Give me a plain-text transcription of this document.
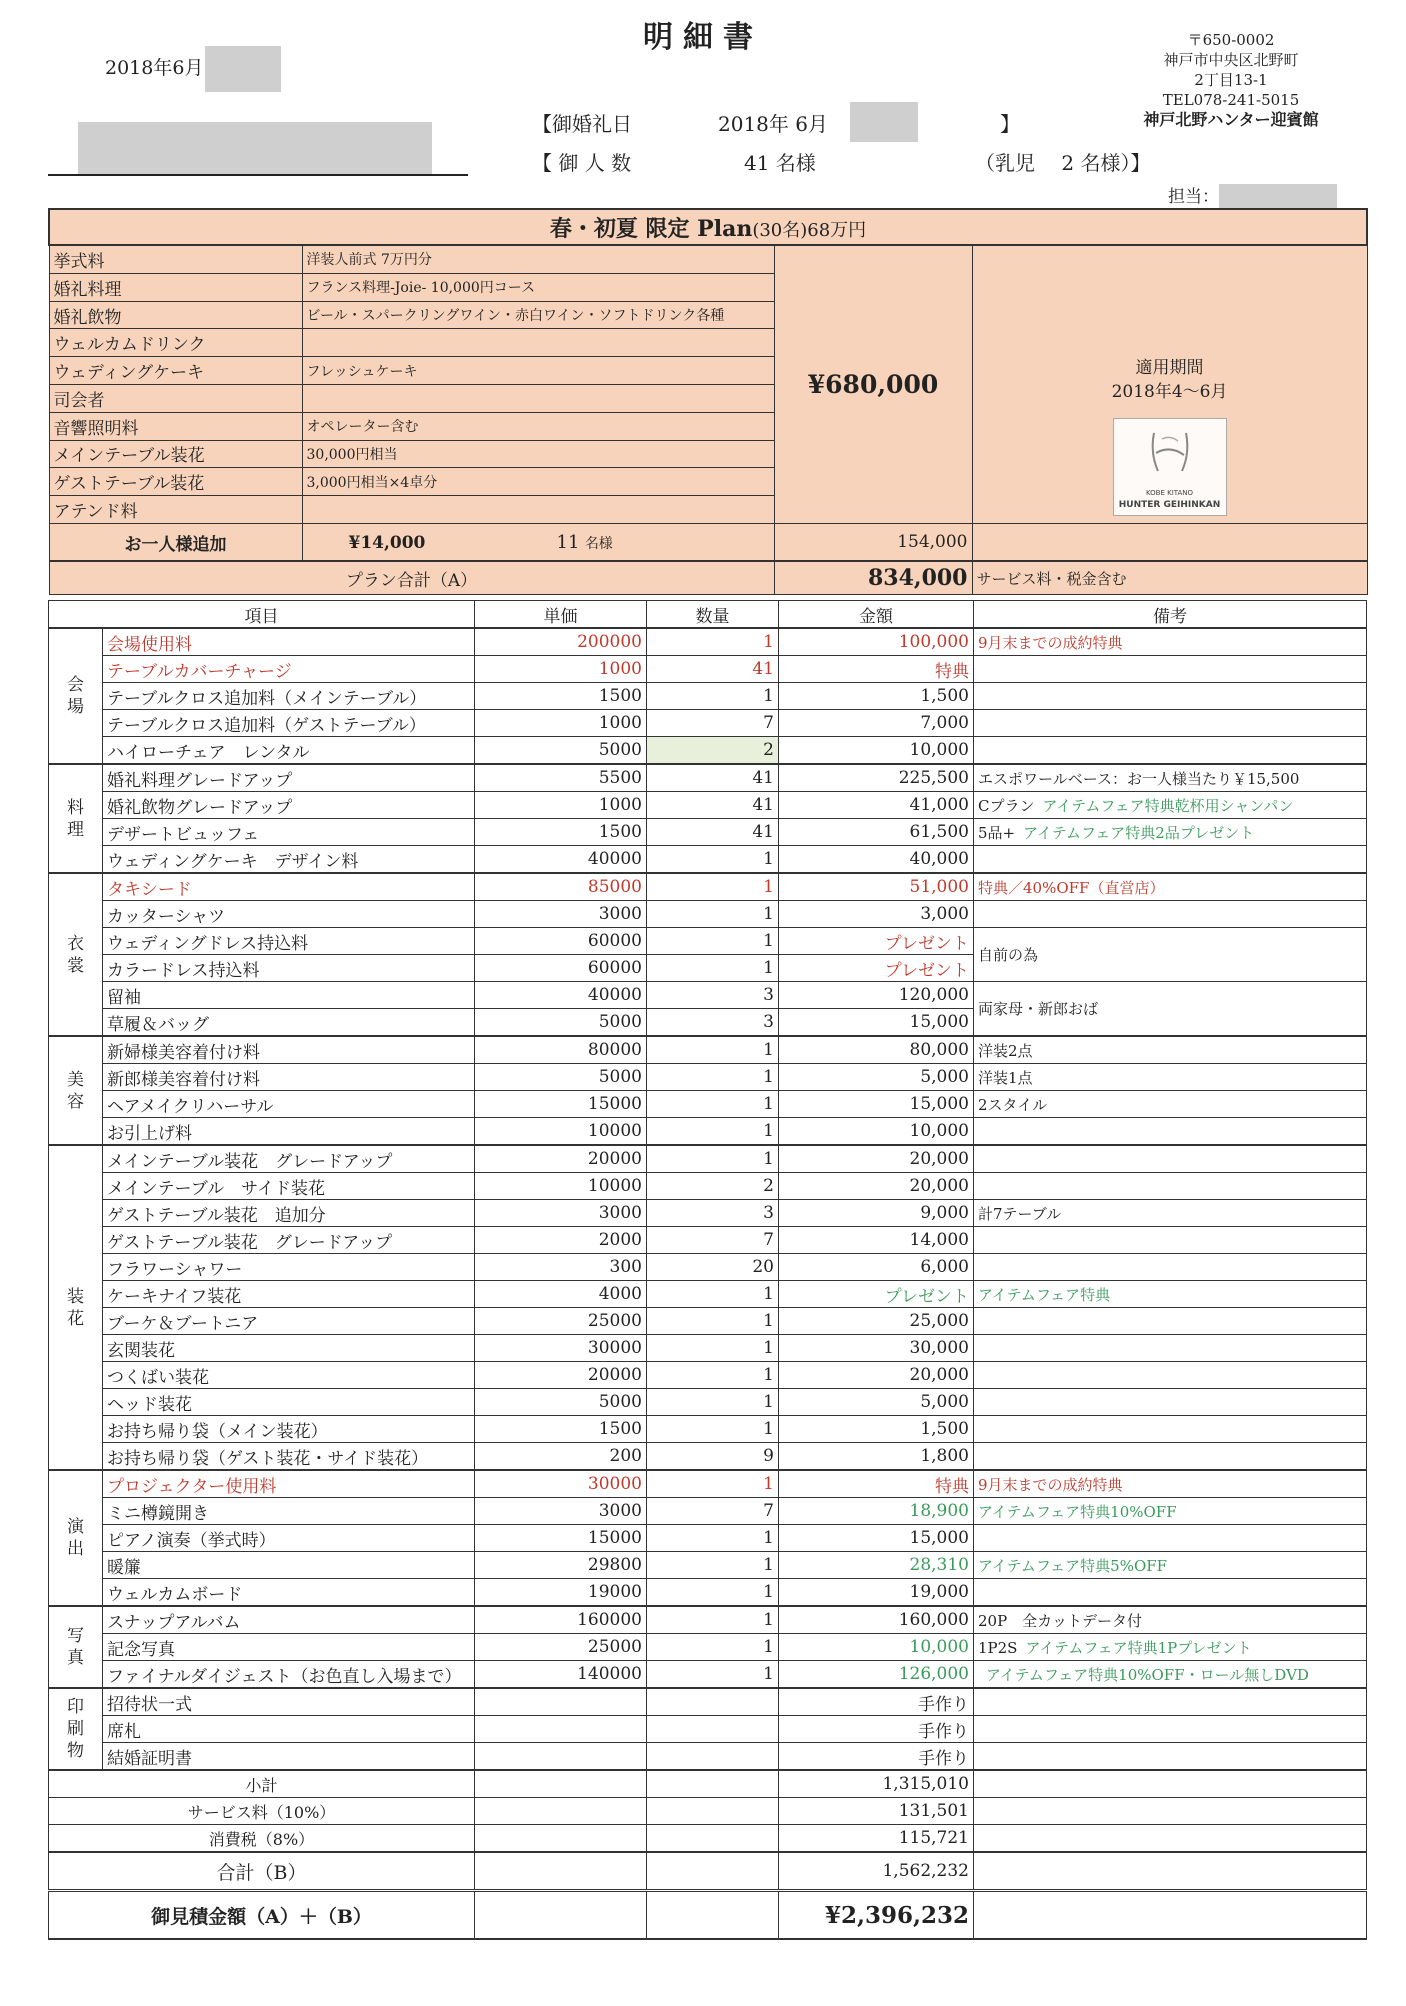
明細書
2018年6月
〒650-0002
神戸市中央区北野町
2丁目13-1
TEL078-241-5015
神戸北野ハンター迎賓館
【御婚礼日	2018年 6月	】
【 御 人 数	41 名様	（乳児　 2 名様）】
担当：
春・初夏 限定 Plan(30名)68万円			
挙式料	洋装人前式 7万円分	¥680,000	適用期間
2018年4～6月
KOBE KITANO
HUNTER GEIHINKAN

婚礼料理	フランス料理-Joie- 10,000円コース		
婚礼飲物	ビール・スパークリングワイン・赤白ワイン・ソフトドリンク各種		
ウェルカムドリンク			
ウェディングケーキ	フレッシュケーキ		
司会者			
音響照明料	オペレーター含む		
メインテーブル装花	30,000円相当		
ゲストテーブル装花	3,000円相当×4卓分		
アテンド料			
お一人様追加	¥14,000 11 名様	154,000	
プラン合計（A）		834,000	サービス料・税金含む
項目		単価	数量	金額	備考
会場	会場使用料	200000	1	100,000	9月末までの成約特典
	テーブルカバーチャージ	1000	41	特典	
	テーブルクロス追加料（メインテーブル）	1500	1	1,500	
	テーブルクロス追加料（ゲストテーブル）	1000	7	7,000	
	ハイローチェア　レンタル	5000	2	10,000	
料理	婚礼料理グレードアップ	5500	41	225,500	エスポワールベース：お一人様当たり￥15,500
	婚礼飲物グレードアップ	1000	41	41,000	Cプラン アイテムフェア特典乾杯用シャンパン
	デザートビュッフェ	1500	41	61,500	5品+ アイテムフェア特典2品プレゼント
	ウェディングケーキ　デザイン料	40000	1	40,000	
衣裳	タキシード	85000	1	51,000	特典／40%OFF（直営店）
	カッターシャツ	3000	1	3,000	
	ウェディングドレス持込料	60000	1	プレゼント	自前の為
	カラードレス持込料	60000	1	プレゼント	
	留袖	40000	3	120,000	両家母・新郎おば
	草履＆バッグ	5000	3	15,000	
美容	新婦様美容着付け料	80000	1	80,000	洋装2点
	新郎様美容着付け料	5000	1	5,000	洋装1点
	ヘアメイクリハーサル	15000	1	15,000	2スタイル
	お引上げ料	10000	1	10,000	
装花	メインテーブル装花　グレードアップ	20000	1	20,000	
	メインテーブル　サイド装花	10000	2	20,000	
	ゲストテーブル装花　追加分	3000	3	9,000	計7テーブル
	ゲストテーブル装花　グレードアップ	2000	7	14,000	
	フラワーシャワー	300	20	6,000	
	ケーキナイフ装花	4000	1	プレゼント	アイテムフェア特典
	ブーケ＆ブートニア	25000	1	25,000	
	玄関装花	30000	1	30,000	
	つくばい装花	20000	1	20,000	
	ヘッド装花	5000	1	5,000	
	お持ち帰り袋（メイン装花）	1500	1	1,500	
	お持ち帰り袋（ゲスト装花・サイド装花）	200	9	1,800	
演出	プロジェクター使用料	30000	1	特典	9月末までの成約特典
	ミニ樽鏡開き	3000	7	18,900	アイテムフェア特典10%OFF
	ピアノ演奏（挙式時）	15000	1	15,000	
	暖簾	29800	1	28,310	アイテムフェア特典5%OFF
	ウェルカムボード	19000	1	19,000	
写真	スナップアルバム	160000	1	160,000	20P　全カットデータ付
	記念写真	25000	1	10,000	1P2S アイテムフェア特典1Pプレゼント
	ファイナルダイジェスト（お色直し入場まで）	140000	1	126,000	アイテムフェア特典10%OFF・ロール無しDVD
印刷物	招待状一式			手作り	
	席札			手作り	
	結婚証明書			手作り	
小計				1,315,010	
サービス料（10%）				131,501	
消費税（8%）				115,721	
合計（B）				1,562,232	
御見積金額（A）＋（B）				¥2,396,232	
